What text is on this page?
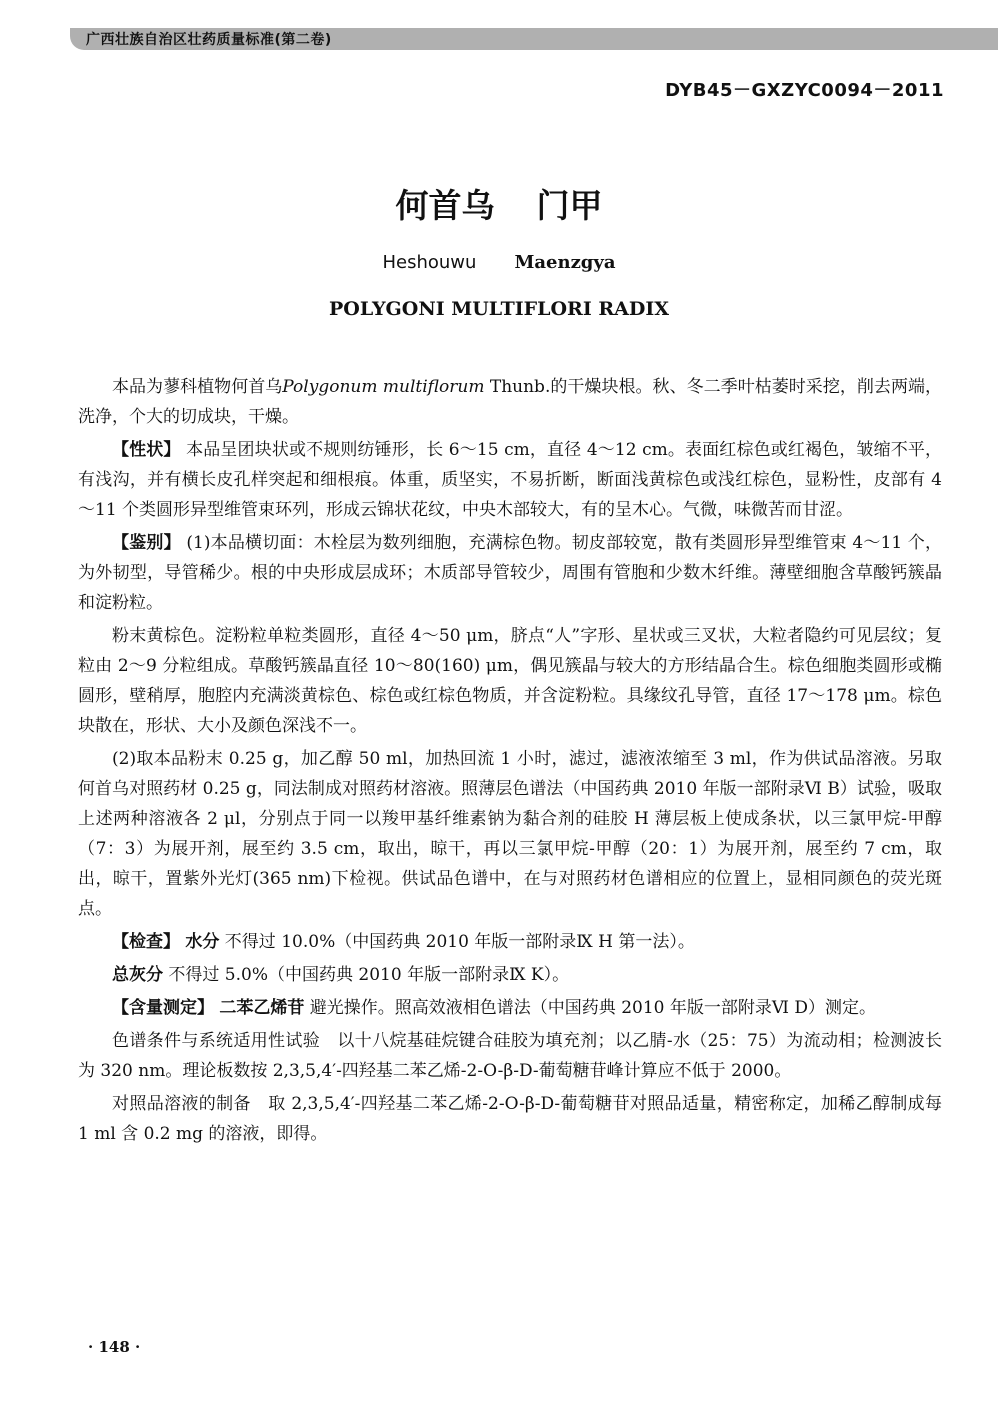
广西壮族自治区壮药质量标准(第二卷)
DYB45－GXZYC0094－2011
何首乌 门甲
Heshouwu Maenzgya
POLYGONI MULTIFLORI RADIX

本品为蓼科植物何首乌Polygonum multiflorum Thunb.的干燥块根。秋、冬二季叶枯萎时采挖，削去两端，洗净，个大的切成块，干燥。

【性状】 本品呈团块状或不规则纺锤形，长 6～15 cm，直径 4～12 cm。表面红棕色或红褐色，皱缩不平，有浅沟，并有横长皮孔样突起和细根痕。体重，质坚实，不易折断，断面浅黄棕色或浅红棕色，显粉性，皮部有 4～11 个类圆形异型维管束环列，形成云锦状花纹，中央木部较大，有的呈木心。气微，味微苦而甘涩。

【鉴别】 (1)本品横切面：木栓层为数列细胞，充满棕色物。韧皮部较宽，散有类圆形异型维管束 4～11 个，为外韧型，导管稀少。根的中央形成层成环；木质部导管较少，周围有管胞和少数木纤维。薄壁细胞含草酸钙簇晶和淀粉粒。

粉末黄棕色。淀粉粒单粒类圆形，直径 4～50 μm，脐点“人”字形、星状或三叉状，大粒者隐约可见层纹；复粒由 2～9 分粒组成。草酸钙簇晶直径 10～80(160) μm，偶见簇晶与较大的方形结晶合生。棕色细胞类圆形或椭圆形，壁稍厚，胞腔内充满淡黄棕色、棕色或红棕色物质，并含淀粉粒。具缘纹孔导管，直径 17～178 μm。棕色块散在，形状、大小及颜色深浅不一。

(2)取本品粉末 0.25 g，加乙醇 50 ml，加热回流 1 小时，滤过，滤液浓缩至 3 ml，作为供试品溶液。另取何首乌对照药材 0.25 g，同法制成对照药材溶液。照薄层色谱法（中国药典 2010 年版一部附录Ⅵ B）试验，吸取上述两种溶液各 2 μl，分别点于同一以羧甲基纤维素钠为黏合剂的硅胶 H 薄层板上使成条状，以三氯甲烷-甲醇（7：3）为展开剂，展至约 3.5 cm，取出，晾干，再以三氯甲烷-甲醇（20：1）为展开剂，展至约 7 cm，取出，晾干，置紫外光灯(365 nm)下检视。供试品色谱中，在与对照药材色谱相应的位置上，显相同颜色的荧光斑点。

【检查】 水分 不得过 10.0%（中国药典 2010 年版一部附录Ⅸ H 第一法）。

总灰分 不得过 5.0%（中国药典 2010 年版一部附录Ⅸ K）。

【含量测定】 二苯乙烯苷 避光操作。照高效液相色谱法（中国药典 2010 年版一部附录Ⅵ D）测定。

色谱条件与系统适用性试验　以十八烷基硅烷键合硅胶为填充剂；以乙腈-水（25：75）为流动相；检测波长为 320 nm。理论板数按 2,3,5,4′-四羟基二苯乙烯-2-O-β-D-葡萄糖苷峰计算应不低于 2000。

对照品溶液的制备　取 2,3,5,4′-四羟基二苯乙烯-2-O-β-D-葡萄糖苷对照品适量，精密称定，加稀乙醇制成每 1 ml 含 0.2 mg 的溶液，即得。

· 148 ·
